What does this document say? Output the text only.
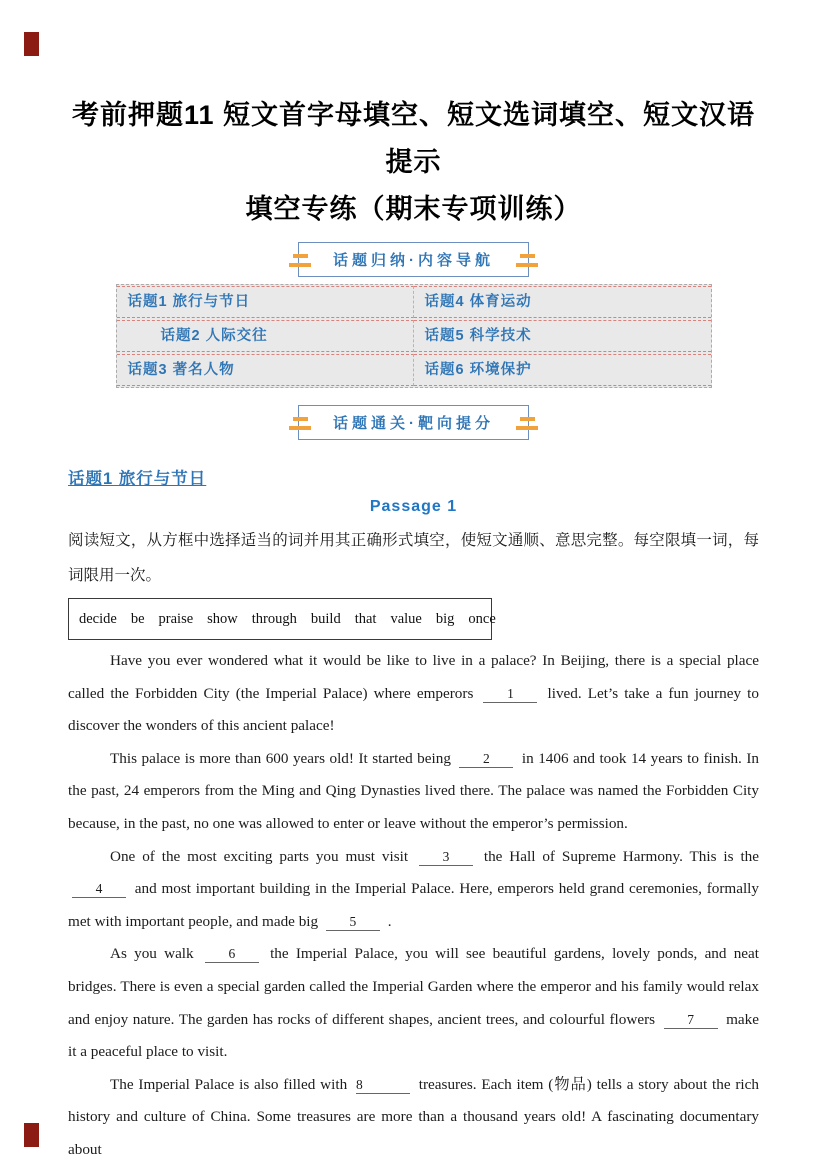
考前押题11 短文首字母填空、短文选词填空、短文汉语提示
填空专练（期末专项训练）
话题归纳·内容导航
话题1 旅行与节日	话题4 体育运动
话题2 人际交往	话题5 科学技术
话题3 著名人物	话题6 环境保护
话题通关·靶向提分
话题1 旅行与节日
Passage 1
阅读短文，从方框中选择适当的词并用其正确形式填空，使短文通顺、意思完整。每空限填一词，每词限用一次。
decide be praise show through build that value big once

Have you ever wondered what it would be like to live in a palace? In Beijing, there is a special place called the Forbidden City (the Imperial Palace) where emperors 1 lived. Let’s take a fun journey to discover the wonders of this ancient palace!

This palace is more than 600 years old! It started being 2 in 1406 and took 14 years to finish. In the past, 24 emperors from the Ming and Qing Dynasties lived there. The palace was named the Forbidden City because, in the past, no one was allowed to enter or leave without the emperor’s permission.

One of the most exciting parts you must visit 3 the Hall of Supreme Harmony. This is the 4 and most important building in the Imperial Palace. Here, emperors held grand ceremonies, formally met with important people, and made big 5 .

As you walk 6 the Imperial Palace, you will see beautiful gardens, lovely ponds, and neat bridges. There is even a special garden called the Imperial Garden where the emperor and his family would relax and enjoy nature. The garden has rocks of different shapes, ancient trees, and colourful flowers 7 make it a peaceful place to visit.

The Imperial Palace is also filled with 8	treasures. Each item (物品) tells a story about the rich history and culture of China. Some treasures are more than a thousand years old! A fascinating documentary about
